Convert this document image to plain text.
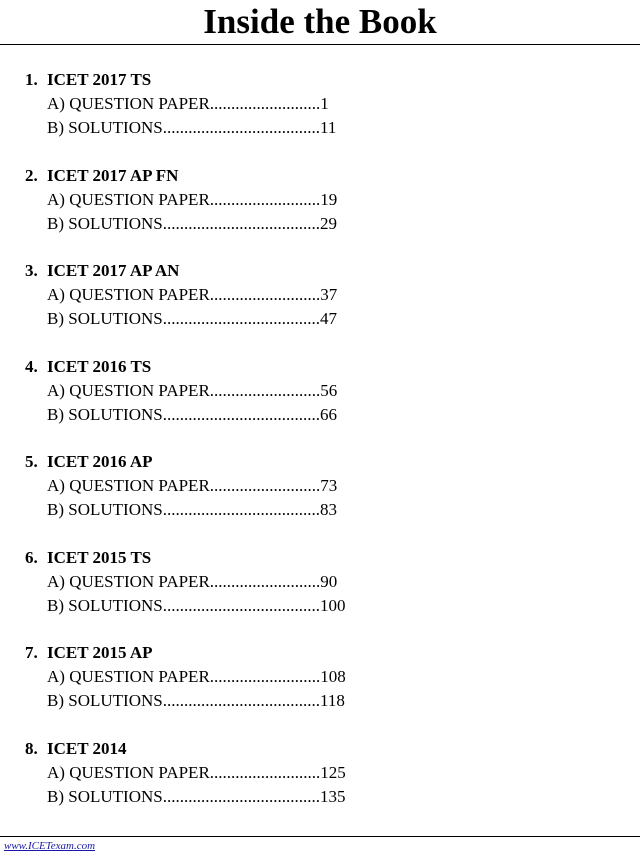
Inside the Book
1. ICET 2017 TS
A) QUESTION PAPER..........................1
B) SOLUTIONS.....................................11
2. ICET 2017 AP FN
A) QUESTION PAPER..........................19
B) SOLUTIONS.....................................29
3. ICET 2017 AP AN
A) QUESTION PAPER..........................37
B) SOLUTIONS.....................................47
4. ICET 2016 TS
A) QUESTION PAPER..........................56
B) SOLUTIONS.....................................66
5. ICET 2016 AP
A) QUESTION PAPER..........................73
B) SOLUTIONS.....................................83
6. ICET 2015 TS
A) QUESTION PAPER..........................90
B) SOLUTIONS.....................................100
7. ICET 2015 AP
A) QUESTION PAPER..........................108
B) SOLUTIONS.....................................118
8. ICET 2014
A) QUESTION PAPER..........................125
B) SOLUTIONS.....................................135
www.ICETexam.com
